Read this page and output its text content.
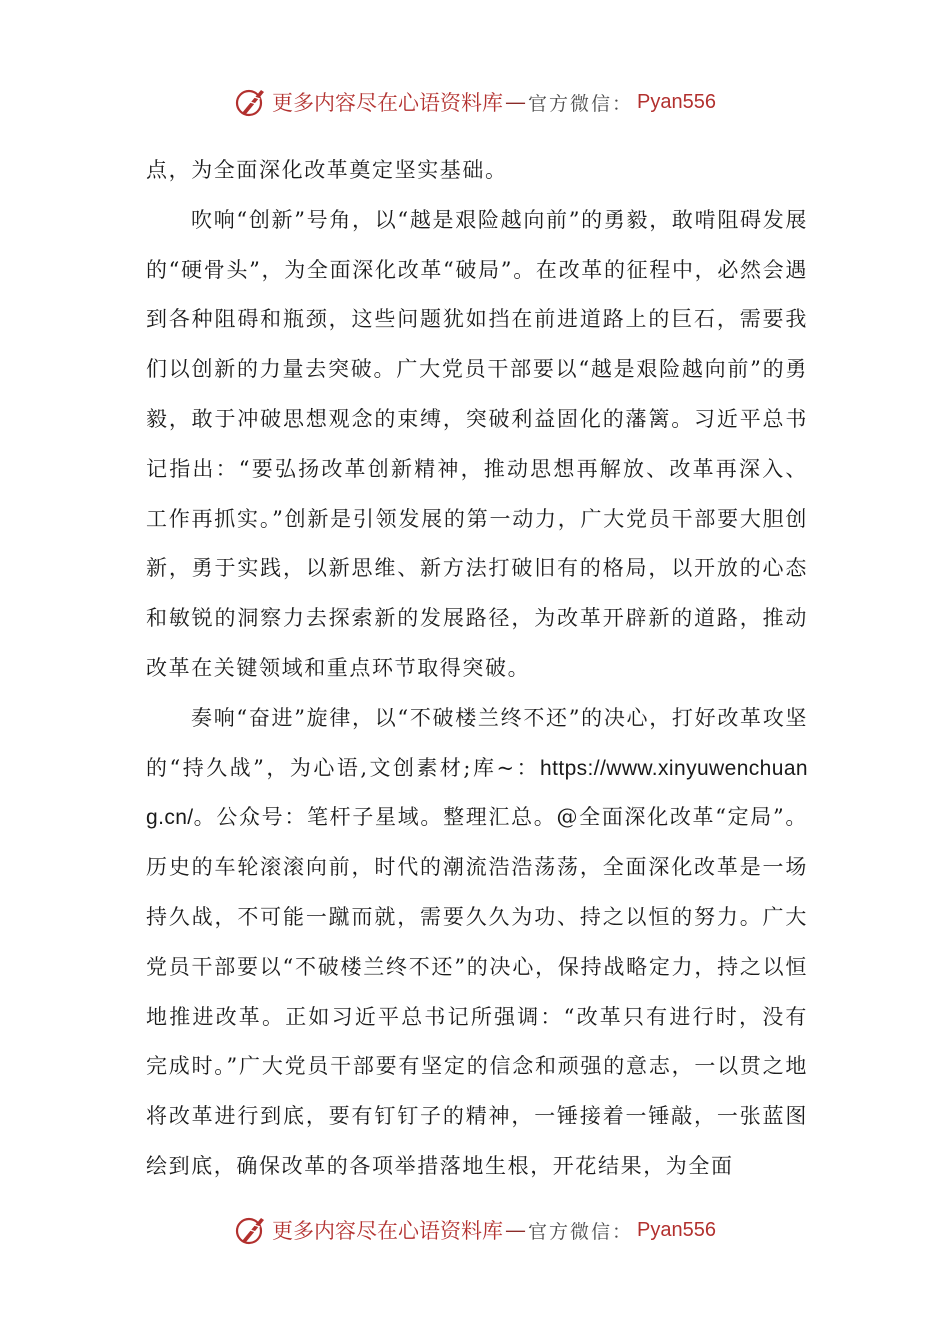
更多内容尽在心语资料库 — 官方微信： Pyan556

点，为全面深化改革奠定坚实基础。

吹响“创新”号角，以“越是艰险越向前”的勇毅，敢啃阻碍发展的“硬骨头”，为全面深化改革“破局”。在改革的征程中，必然会遇到各种阻碍和瓶颈，这些问题犹如挡在前进道路上的巨石，需要我们以创新的力量去突破。广大党员干部要以“越是艰险越向前”的勇毅，敢于冲破思想观念的束缚，突破利益固化的藩篱。习近平总书记指出：“要弘扬改革创新精神，推动思想再解放、改革再深入、工作再抓实。”创新是引领发展的第一动力，广大党员干部要大胆创新，勇于实践，以新思维、新方法打破旧有的格局，以开放的心态和敏锐的洞察力去探索新的发展路径，为改革开辟新的道路，推动改革在关键领域和重点环节取得突破。

奏响“奋进”旋律，以“不破楼兰终不还”的决心，打好改革攻坚的“持久战”，为心语,文创素材;库~：https://www.xinyuwenchuang.cn/。公众号：笔杆子星域。整理汇总。@全面深化改革“定局”。历史的车轮滚滚向前，时代的潮流浩浩荡荡，全面深化改革是一场持久战，不可能一蹴而就，需要久久为功、持之以恒的努力。广大党员干部要以“不破楼兰终不还”的决心，保持战略定力，持之以恒地推进改革。正如习近平总书记所强调：“改革只有进行时，没有完成时。”广大党员干部要有坚定的信念和顽强的意志，一以贯之地将改革进行到底，要有钉钉子的精神，一锤接着一锤敲，一张蓝图绘到底，确保改革的各项举措落地生根，开花结果，为全面

更多内容尽在心语资料库 — 官方微信： Pyan556
